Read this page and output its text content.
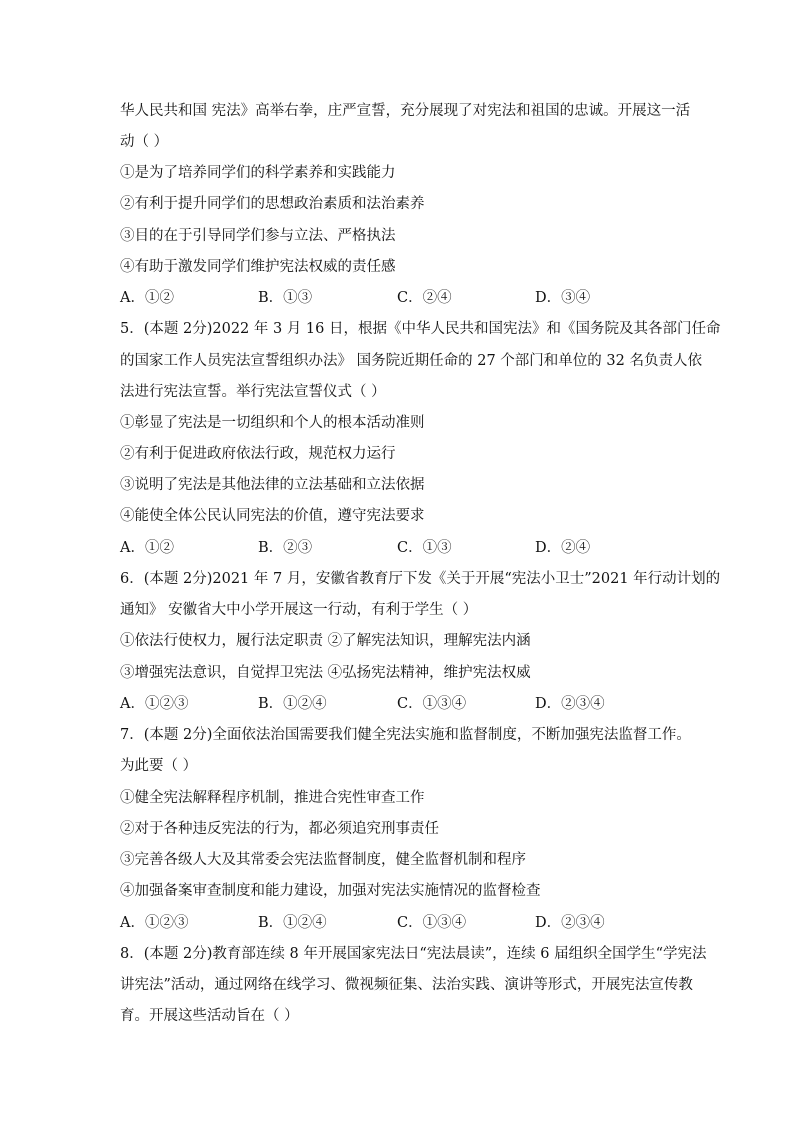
华人民共和国 宪法》高举右拳，庄严宣誓，充分展现了对宪法和祖国的忠诚。开展这一活
动（ ）
①是为了培养同学们的科学素养和实践能力
②有利于提升同学们的思想政治素质和法治素养
③目的在于引导同学们参与立法、严格执法
④有助于激发同学们维护宪法权威的责任感
A．①②	B．①③	C．②④	D．③④
5．(本题 2分)2022 年 3 月 16 日，根据《中华人民共和国宪法》和《国务院及其各部门任命
的国家工作人员宪法宣誓组织办法》 国务院近期任命的 27 个部门和单位的 32 名负责人依
法进行宪法宣誓。举行宪法宣誓仪式（ ）
①彰显了宪法是一切组织和个人的根本活动准则
②有利于促进政府依法行政，规范权力运行
③说明了宪法是其他法律的立法基础和立法依据
④能使全体公民认同宪法的价值，遵守宪法要求
A．①②	B．②③	C．①③	D．②④
6．(本题 2分)2021 年 7 月，安徽省教育厅下发《关于开展“宪法小卫士”2021 年行动计划的
通知》 安徽省大中小学开展这一行动，有利于学生（ ）
①依法行使权力，履行法定职责 ②了解宪法知识，理解宪法内涵
③增强宪法意识，自觉捍卫宪法 ④弘扬宪法精神，维护宪法权威
A．①②③	B．①②④	C．①③④	D．②③④
7．(本题 2分)全面依法治国需要我们健全宪法实施和监督制度，不断加强宪法监督工作。
为此要（ ）
①健全宪法解释程序机制，推进合宪性审查工作
②对于各种违反宪法的行为，都必须追究刑事责任
③完善各级人大及其常委会宪法监督制度，健全监督机制和程序
④加强备案审查制度和能力建设，加强对宪法实施情况的监督检查
A．①②③	B．①②④	C．①③④	D．②③④
8．(本题 2分)教育部连续 8 年开展国家宪法日“宪法晨读”，连续 6 届组织全国学生“学宪法
讲宪法”活动，通过网络在线学习、微视频征集、法治实践、演讲等形式，开展宪法宣传教
育。开展这些活动旨在（ ）
